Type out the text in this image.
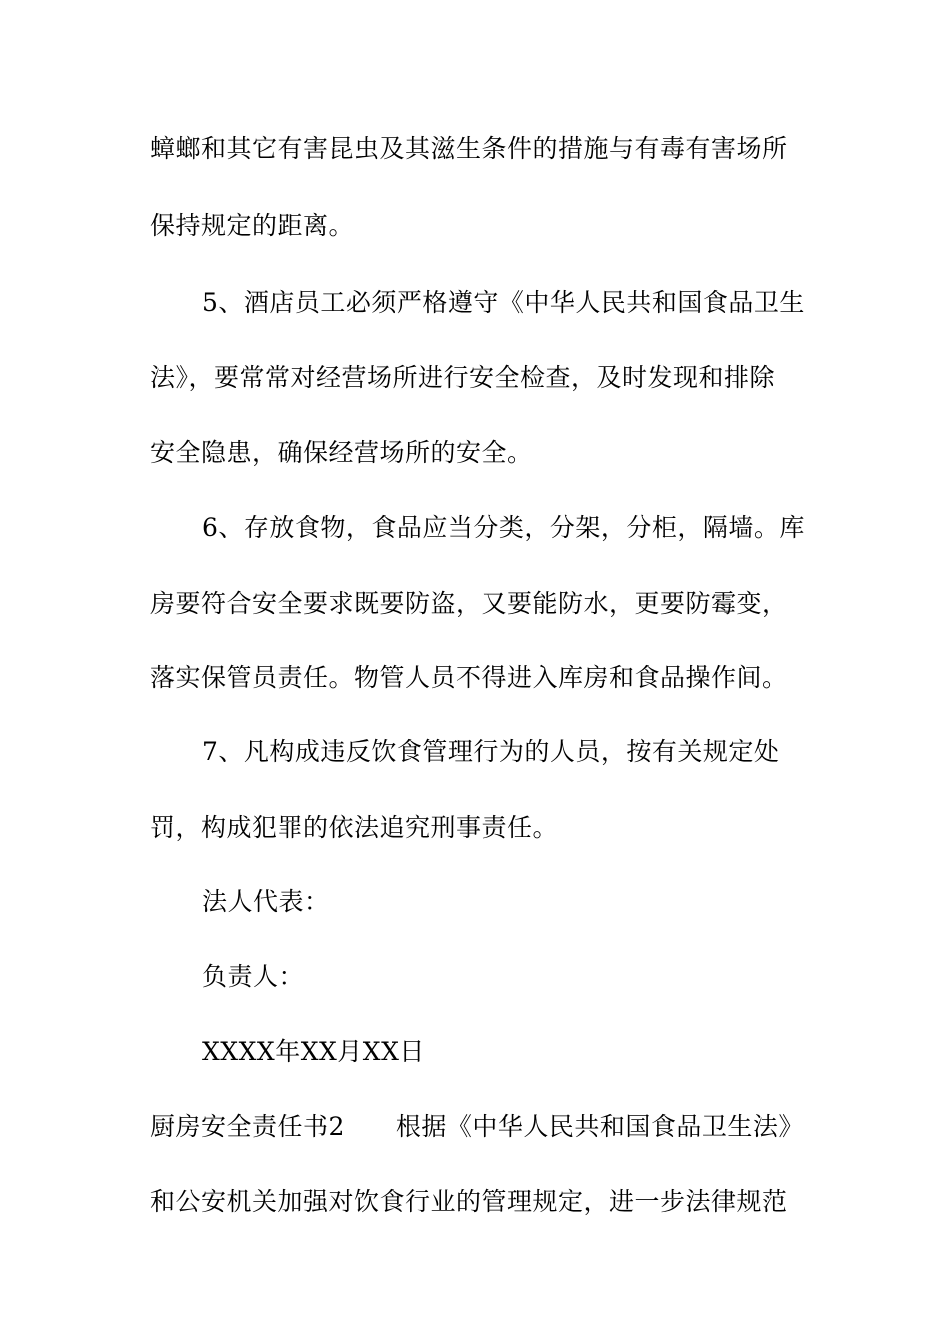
蟑螂和其它有害昆虫及其滋生条件的措施与有毒有害场所
保持规定的距离。
5、酒店员工必须严格遵守《中华人民共和国食品卫生
法》，要常常对经营场所进行安全检查，及时发现和排除
安全隐患，确保经营场所的安全。
6、存放食物，食品应当分类，分架，分柜，隔墙。库
房要符合安全要求既要防盗，又要能防水，更要防霉变，
落实保管员责任。物管人员不得进入库房和食品操作间。
7、凡构成违反饮食管理行为的人员，按有关规定处
罚，构成犯罪的依法追究刑事责任。
法人代表：
负责人：
XXXX年XX月XX日
厨房安全责任书2　　根据《中华人民共和国食品卫生法》
和公安机关加强对饮食行业的管理规定，进一步法律规范
